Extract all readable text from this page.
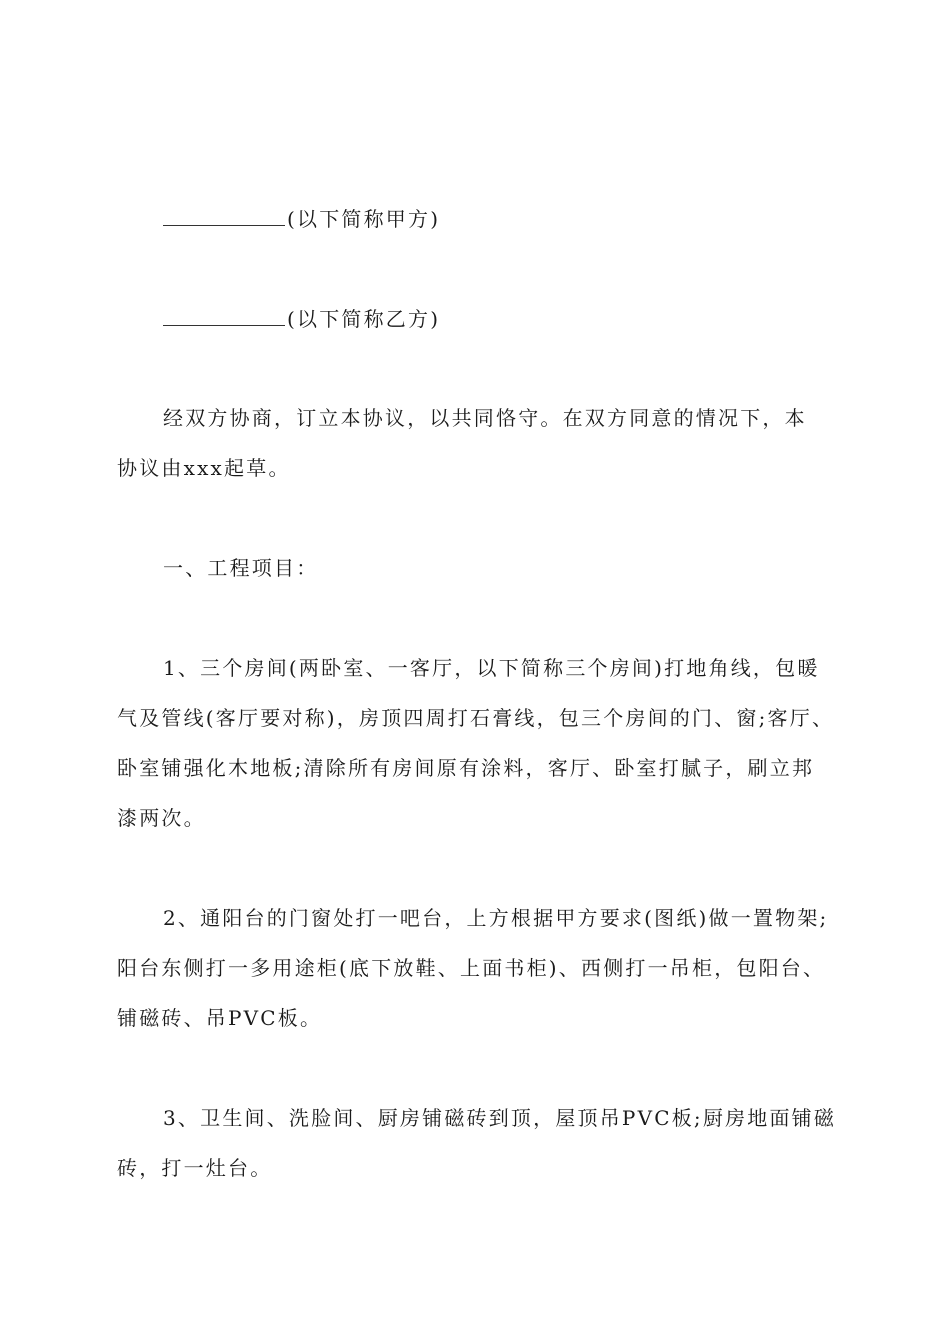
(以下简称甲方)
(以下简称乙方)
经双方协商，订立本协议，以共同恪守。在双方同意的情况下，本
协议由xxx起草。
一、工程项目：
1、三个房间(两卧室、一客厅，以下简称三个房间)打地角线，包暖
气及管线(客厅要对称)，房顶四周打石膏线，包三个房间的门、窗;客厅、
卧室铺强化木地板;清除所有房间原有涂料，客厅、卧室打腻子，刷立邦
漆两次。
2、通阳台的门窗处打一吧台，上方根据甲方要求(图纸)做一置物架;
阳台东侧打一多用途柜(底下放鞋、上面书柜)、西侧打一吊柜，包阳台、
铺磁砖、吊PVC板。
3、卫生间、洗脸间、厨房铺磁砖到顶，屋顶吊PVC板;厨房地面铺磁
砖，打一灶台。
